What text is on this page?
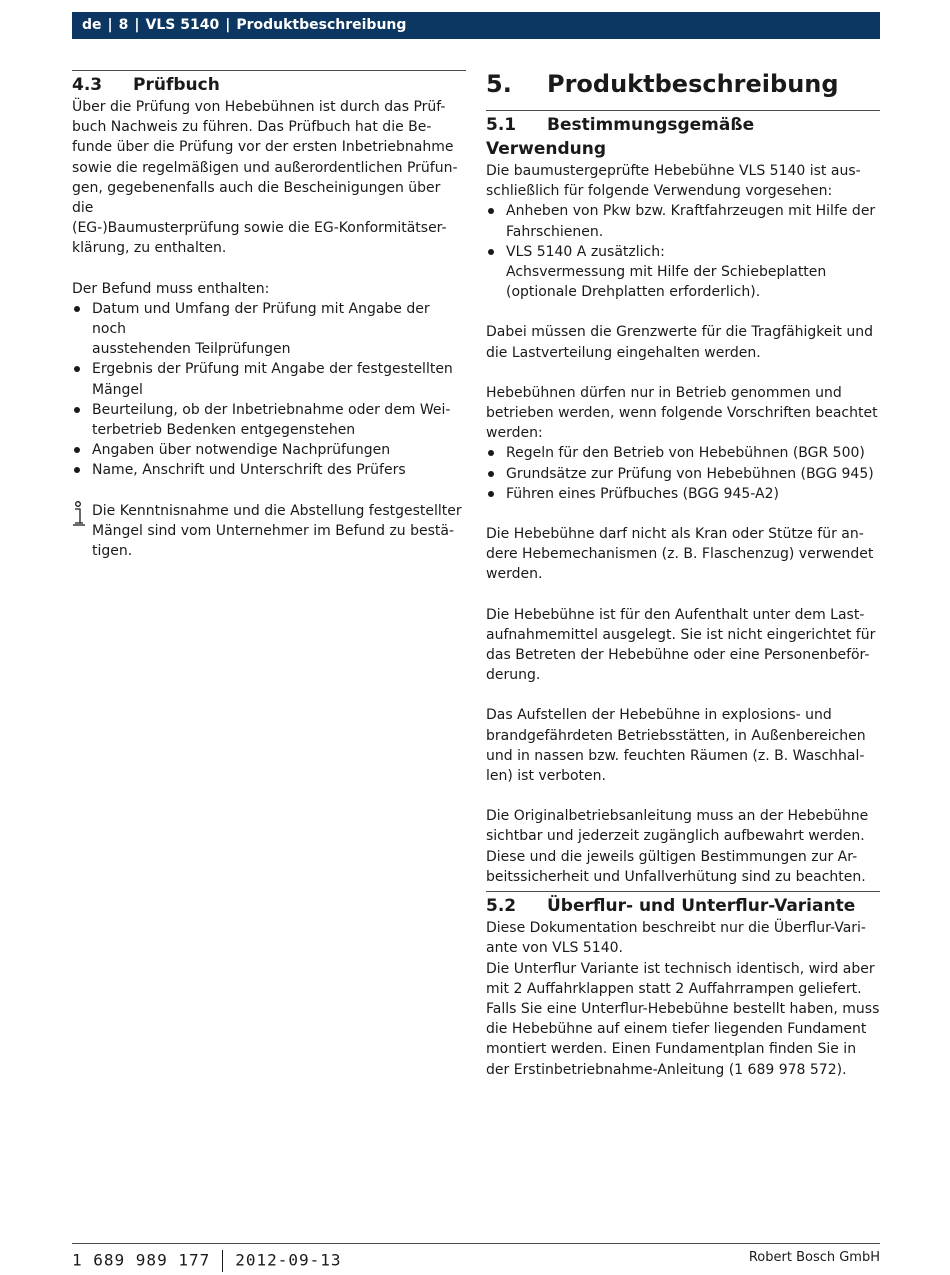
de | 8 | VLS 5140 | Produktbeschreibung
4.3 Prüfbuch

Über die Prüfung von Hebebühnen ist durch das Prüf-
buch Nachweis zu führen. Das Prüfbuch hat die Be-
funde über die Prüfung vor der ersten Inbetriebnahme
sowie die regelmäßigen und außerordentlichen Prüfun-
gen, gegebenenfalls auch die Bescheinigungen über die
(EG-)Baumusterprüfung sowie die EG-Konformitätser-
klärung, zu enthalten.

Der Befund muss enthalten:

Datum und Umfang der Prüfung mit Angabe der noch
ausstehenden Teilprüfungen
Ergebnis der Prüfung mit Angabe der festgestellten
Mängel
Beurteilung, ob der Inbetriebnahme oder dem Wei-
terbetrieb Bedenken entgegenstehen
Angaben über notwendige Nachprüfungen
Name, Anschrift und Unterschrift des Prüfers

Die Kenntnisnahme und die Abstellung festgestellter
Mängel sind vom Unternehmer im Befund zu bestä-
tigen.

5. Produktbeschreibung
5.1 Bestimmungsgemäße Verwendung

Die baumustergeprüfte Hebebühne VLS 5140 ist aus-
schließlich für folgende Verwendung vorgesehen:

Anheben von Pkw bzw. Kraftfahrzeugen mit Hilfe der
Fahrschienen.
VLS 5140 A zusätzlich:
Achsvermessung mit Hilfe der Schiebeplatten
(optionale Drehplatten erforderlich).

Dabei müssen die Grenzwerte für die Tragfähigkeit und
die Lastverteilung eingehalten werden.

Hebebühnen dürfen nur in Betrieb genommen und
betrieben werden, wenn folgende Vorschriften beachtet
werden:

Regeln für den Betrieb von Hebebühnen (BGR 500)
Grundsätze zur Prüfung von Hebebühnen (BGG 945)
Führen eines Prüfbuches (BGG 945-A2)

Die Hebebühne darf nicht als Kran oder Stütze für an-
dere Hebemechanismen (z. B. Flaschenzug) verwendet
werden.

Die Hebebühne ist für den Aufenthalt unter dem Last-
aufnahmemittel ausgelegt. Sie ist nicht eingerichtet für
das Betreten der Hebebühne oder eine Personenbeför-
derung.

Das Aufstellen der Hebebühne in explosions- und
brandgefährdeten Betriebsstätten, in Außenbereichen
und in nassen bzw. feuchten Räumen (z. B. Waschhal-
len) ist verboten.

Die Originalbetriebsanleitung muss an der Hebebühne
sichtbar und jederzeit zugänglich aufbewahrt werden.
Diese und die jeweils gültigen Bestimmungen zur Ar-
beitssicherheit und Unfallverhütung sind zu beachten.

5.2 Überflur- und Unterflur-Variante

Diese Dokumentation beschreibt nur die Überflur-Vari-
ante von VLS 5140.
Die Unterflur Variante ist technisch identisch, wird aber
mit 2 Auffahrklappen statt 2 Auffahrrampen geliefert.
Falls Sie eine Unterflur-Hebebühne bestellt haben, muss
die Hebebühne auf einem tiefer liegenden Fundament
montiert werden. Einen Fundamentplan finden Sie in
der Erstinbetriebnahme-Anleitung (1 689 978 572).

1 689 989 177 2012-09-13	Robert Bosch GmbH
